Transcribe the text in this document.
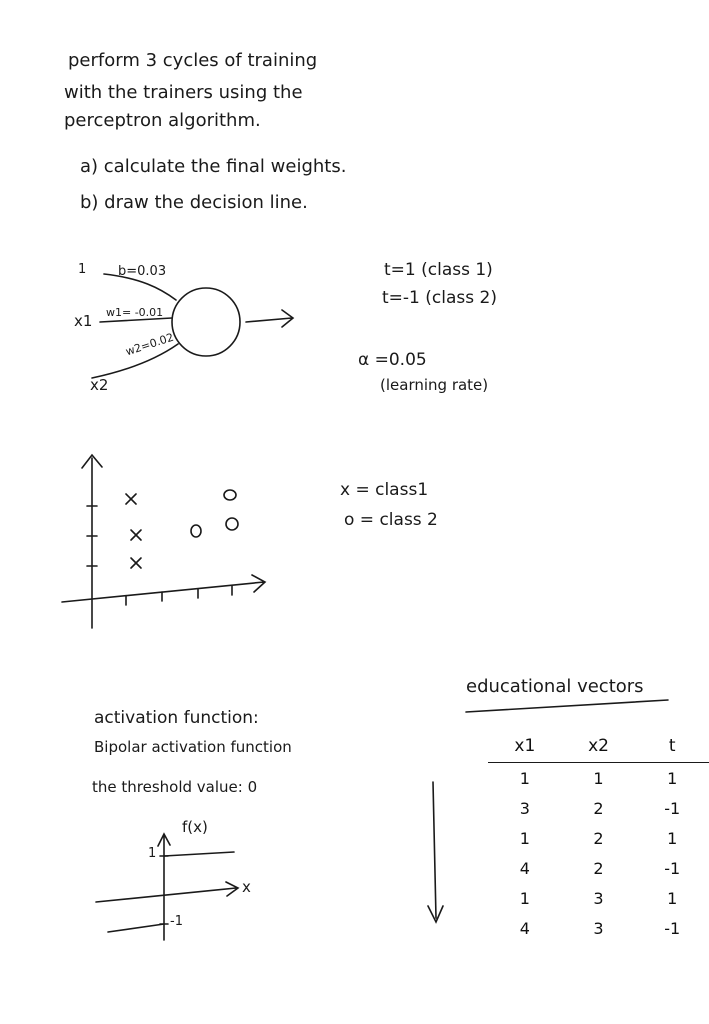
perform 3 cycles of training
with the trainers using the
perceptron algorithm.
a) calculate the final weights.
b) draw the decision line.
1 b=0.03
x1 w1= -0.01
x2
w2=0.02
t=1 (class 1)
t=-1 (class 2)
α =0.05
(learning rate)
x = class1
o = class 2
activation function:
Bipolar activation function
the threshold value: 0
f(x)
x
1
-1
educational vectors
x1	x2	t
1	1	1
3	2	-1
1	2	1
4	2	-1
1	3	1
4	3	-1
